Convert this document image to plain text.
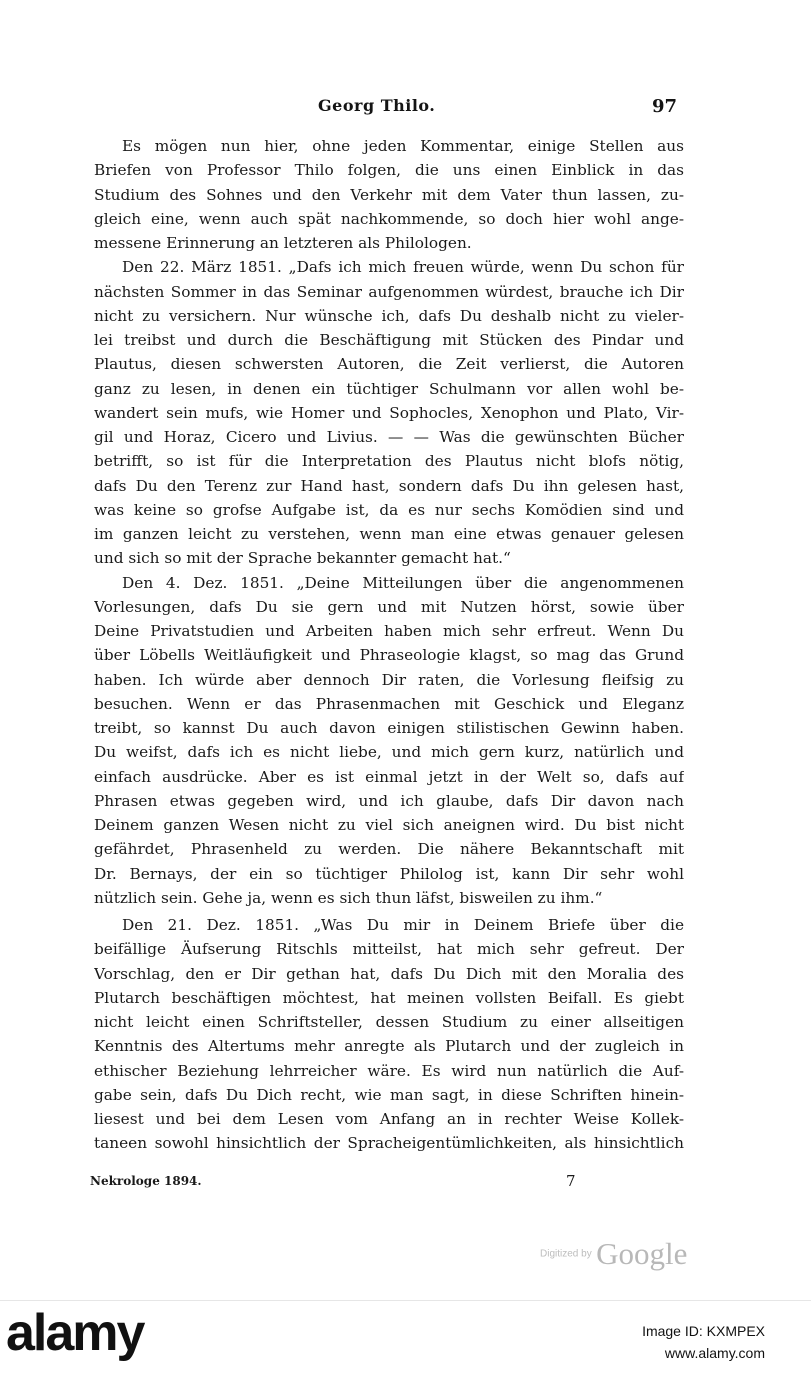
Georg Thilo.	97
Es mögen nun hier, ohne jeden Kommentar, einige Stellen aus
Briefen von Professor Thilo folgen, die uns einen Einblick in das
Studium des Sohnes und den Verkehr mit dem Vater thun lassen, zu-
gleich eine, wenn auch spät nachkommende, so doch hier wohl ange-
messene Erinnerung an letzteren als Philologen.
Den 22. März 1851. „Dafs ich mich freuen würde, wenn Du schon für
nächsten Sommer in das Seminar aufgenommen würdest, brauche ich Dir
nicht zu versichern. Nur wünsche ich, dafs Du deshalb nicht zu vieler-
lei treibst und durch die Beschäftigung mit Stücken des Pindar und
Plautus, diesen schwersten Autoren, die Zeit verlierst, die Autoren
ganz zu lesen, in denen ein tüchtiger Schulmann vor allen wohl be-
wandert sein mufs, wie Homer und Sophocles, Xenophon und Plato, Vir-
gil und Horaz, Cicero und Livius. — — Was die gewünschten Bücher
betrifft, so ist für die Interpretation des Plautus nicht blofs nötig,
dafs Du den Terenz zur Hand hast, sondern dafs Du ihn gelesen hast,
was keine so grofse Aufgabe ist, da es nur sechs Komödien sind und
im ganzen leicht zu verstehen, wenn man eine etwas genauer gelesen
und sich so mit der Sprache bekannter gemacht hat.“
Den 4. Dez. 1851. „Deine Mitteilungen über die angenommenen
Vorlesungen, dafs Du sie gern und mit Nutzen hörst, sowie über
Deine Privatstudien und Arbeiten haben mich sehr erfreut. Wenn Du
über Löbells Weitläufigkeit und Phraseologie klagst, so mag das Grund
haben. Ich würde aber dennoch Dir raten, die Vorlesung fleifsig zu
besuchen. Wenn er das Phrasenmachen mit Geschick und Eleganz
treibt, so kannst Du auch davon einigen stilistischen Gewinn haben.
Du weifst, dafs ich es nicht liebe, und mich gern kurz, natürlich und
einfach ausdrücke. Aber es ist einmal jetzt in der Welt so, dafs auf
Phrasen etwas gegeben wird, und ich glaube, dafs Dir davon nach
Deinem ganzen Wesen nicht zu viel sich aneignen wird. Du bist nicht
gefährdet, Phrasenheld zu werden. Die nähere Bekanntschaft mit
Dr. Bernays, der ein so tüchtiger Philolog ist, kann Dir sehr wohl
nützlich sein. Gehe ja, wenn es sich thun läfst, bisweilen zu ihm.“
Den 21. Dez. 1851. „Was Du mir in Deinem Briefe über die
beifällige Äufserung Ritschls mitteilst, hat mich sehr gefreut. Der
Vorschlag, den er Dir gethan hat, dafs Du Dich mit den Moralia des
Plutarch beschäftigen möchtest, hat meinen vollsten Beifall. Es giebt
nicht leicht einen Schriftsteller, dessen Studium zu einer allseitigen
Kenntnis des Altertums mehr anregte als Plutarch und der zugleich in
ethischer Beziehung lehrreicher wäre. Es wird nun natürlich die Auf-
gabe sein, dafs Du Dich recht, wie man sagt, in diese Schriften hinein-
liesest und bei dem Lesen vom Anfang an in rechter Weise Kollek-
taneen sowohl hinsichtlich der Spracheigentümlichkeiten, als hinsichtlich
Nekrologe 1894.	7
Digitized by Google
alamy	Image ID: KXMPEX
www.alamy.com
